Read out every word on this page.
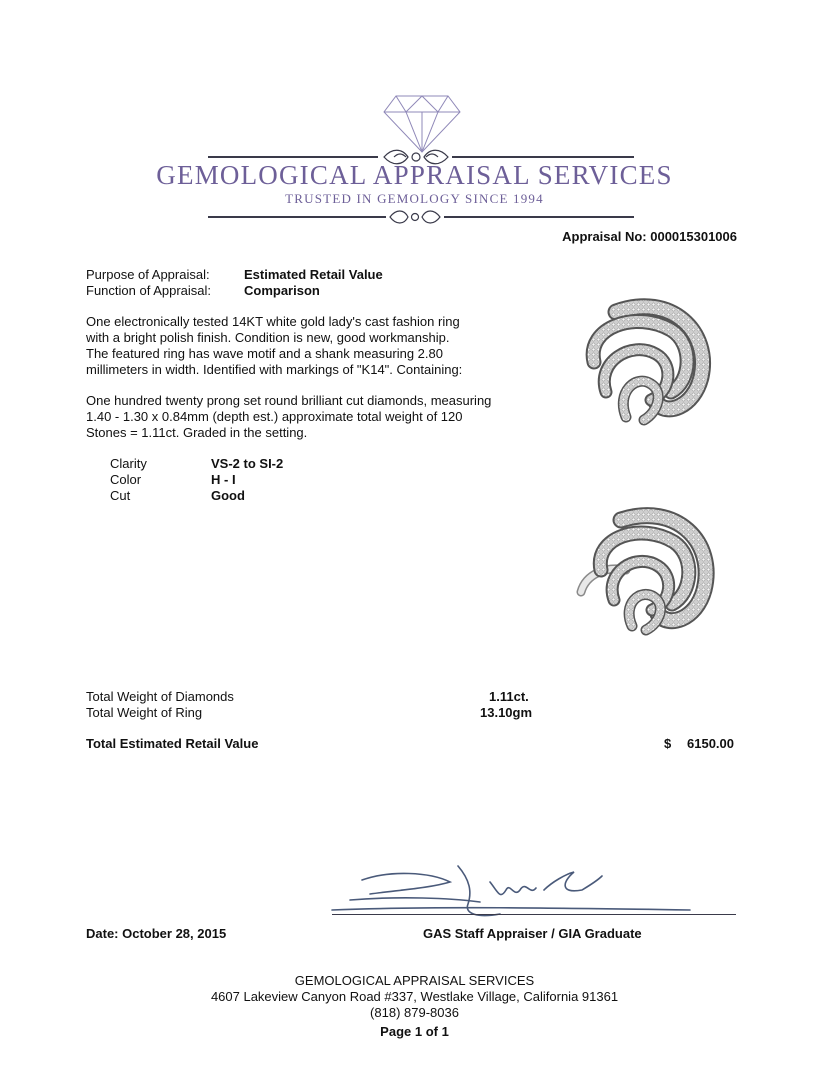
GEMOLOGICAL APPRAISAL SERVICES
TRUSTED IN GEMOLOGY SINCE 1994
Appraisal No: 000015301006
Purpose of Appraisal:	Estimated Retail Value
Function of Appraisal:	Comparison
One electronically tested 14KT white gold lady's cast fashion ring
with a bright polish finish. Condition is new, good workmanship.
The featured ring has wave motif and a shank measuring 2.80
millimeters in width. Identified with markings of "K14". Containing:
One hundred twenty prong set round brilliant cut diamonds, measuring
1.40 - 1.30 x 0.84mm (depth est.) approximate total weight of 120
Stones = 1.11ct. Graded in the setting.
Clarity	VS-2 to SI-2
Color	H - I
Cut	Good
Total Weight of Diamonds	1.11ct.
Total Weight of Ring	13.10gm
Total Estimated Retail Value	$ 6150.00
Date: October 28, 2015	GAS Staff Appraiser / GIA Graduate
GEMOLOGICAL APPRAISAL SERVICES
4607 Lakeview Canyon Road #337, Westlake Village, California 91361
(818) 879-8036
Page 1 of 1
